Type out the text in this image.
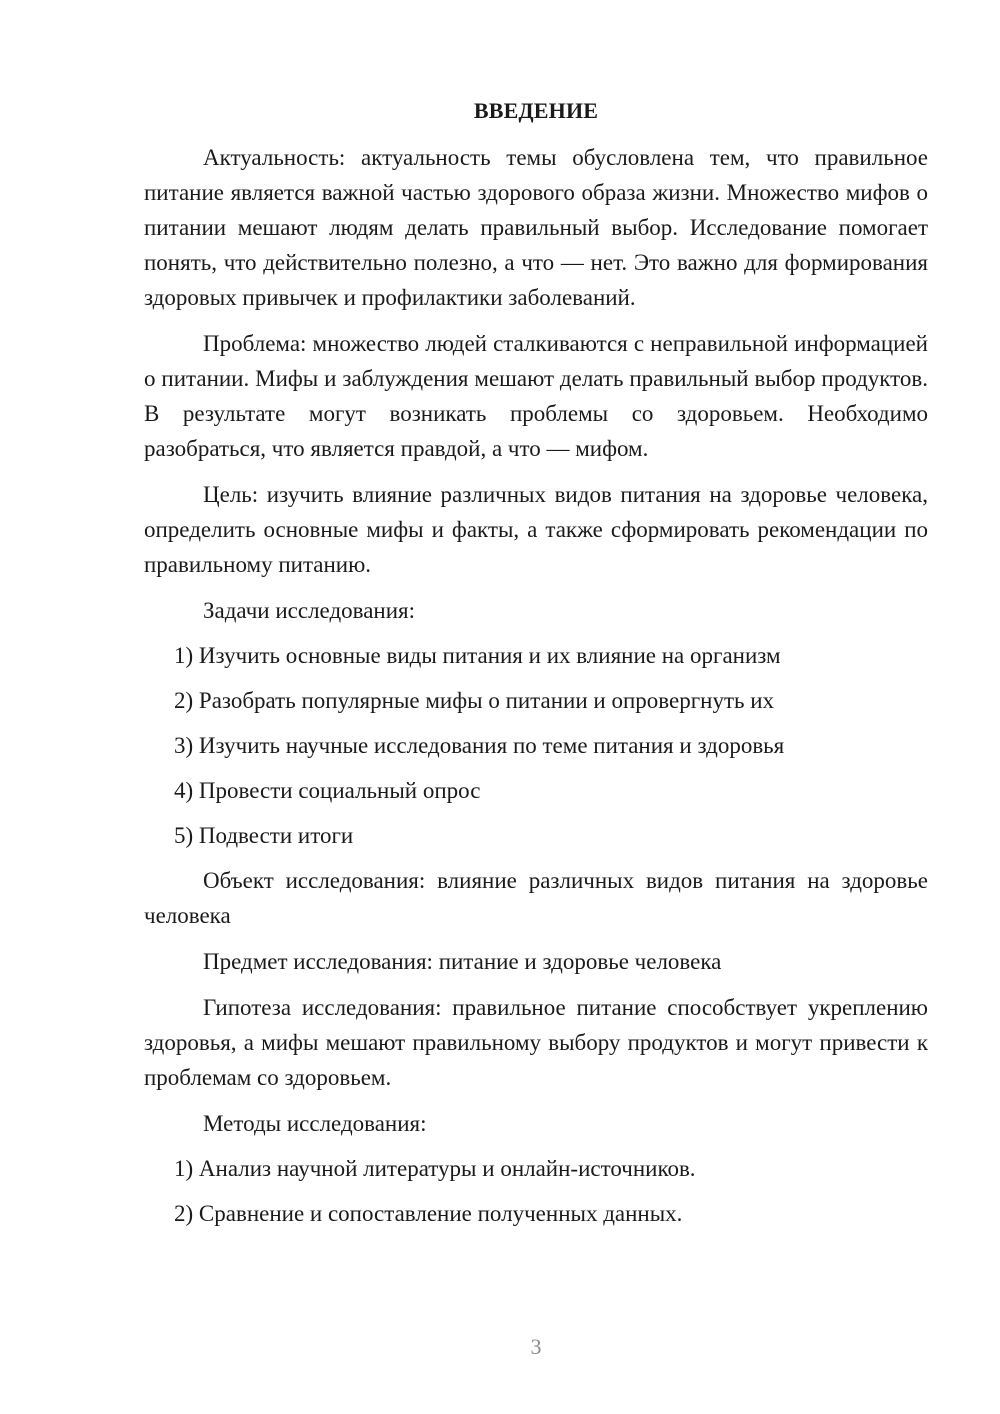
ВВЕДЕНИЕ

Актуальность: актуальность темы обусловлена тем, что правильное питание является важной частью здорового образа жизни. Множество мифов о питании мешают людям делать правильный выбор. Исследование помогает понять, что действительно полезно, а что — нет. Это важно для формирования здоровых привычек и профилактики заболеваний.

Проблема: множество людей сталкиваются с неправильной информацией о питании. Мифы и заблуждения мешают делать правильный выбор продуктов. В результате могут возникать проблемы со здоровьем. Необходимо разобраться, что является правдой, а что — мифом.

Цель: изучить влияние различных видов питания на здоровье человека, определить основные мифы и факты, а также сформировать рекомендации по правильному питанию.

Задачи исследования:
1) Изучить основные виды питания и их влияние на организм
2) Разобрать популярные мифы о питании и опровергнуть их
3) Изучить научные исследования по теме питания и здоровья
4) Провести социальный опрос
5) Подвести итоги

Объект исследования: влияние различных видов питания на здоровье человека

Предмет исследования: питание и здоровье человека

Гипотеза исследования: правильное питание способствует укреплению здоровья, а мифы мешают правильному выбору продуктов и могут привести к проблемам со здоровьем.

Методы исследования:
1) Анализ научной литературы и онлайн-источников.
2) Сравнение и сопоставление полученных данных.
3
